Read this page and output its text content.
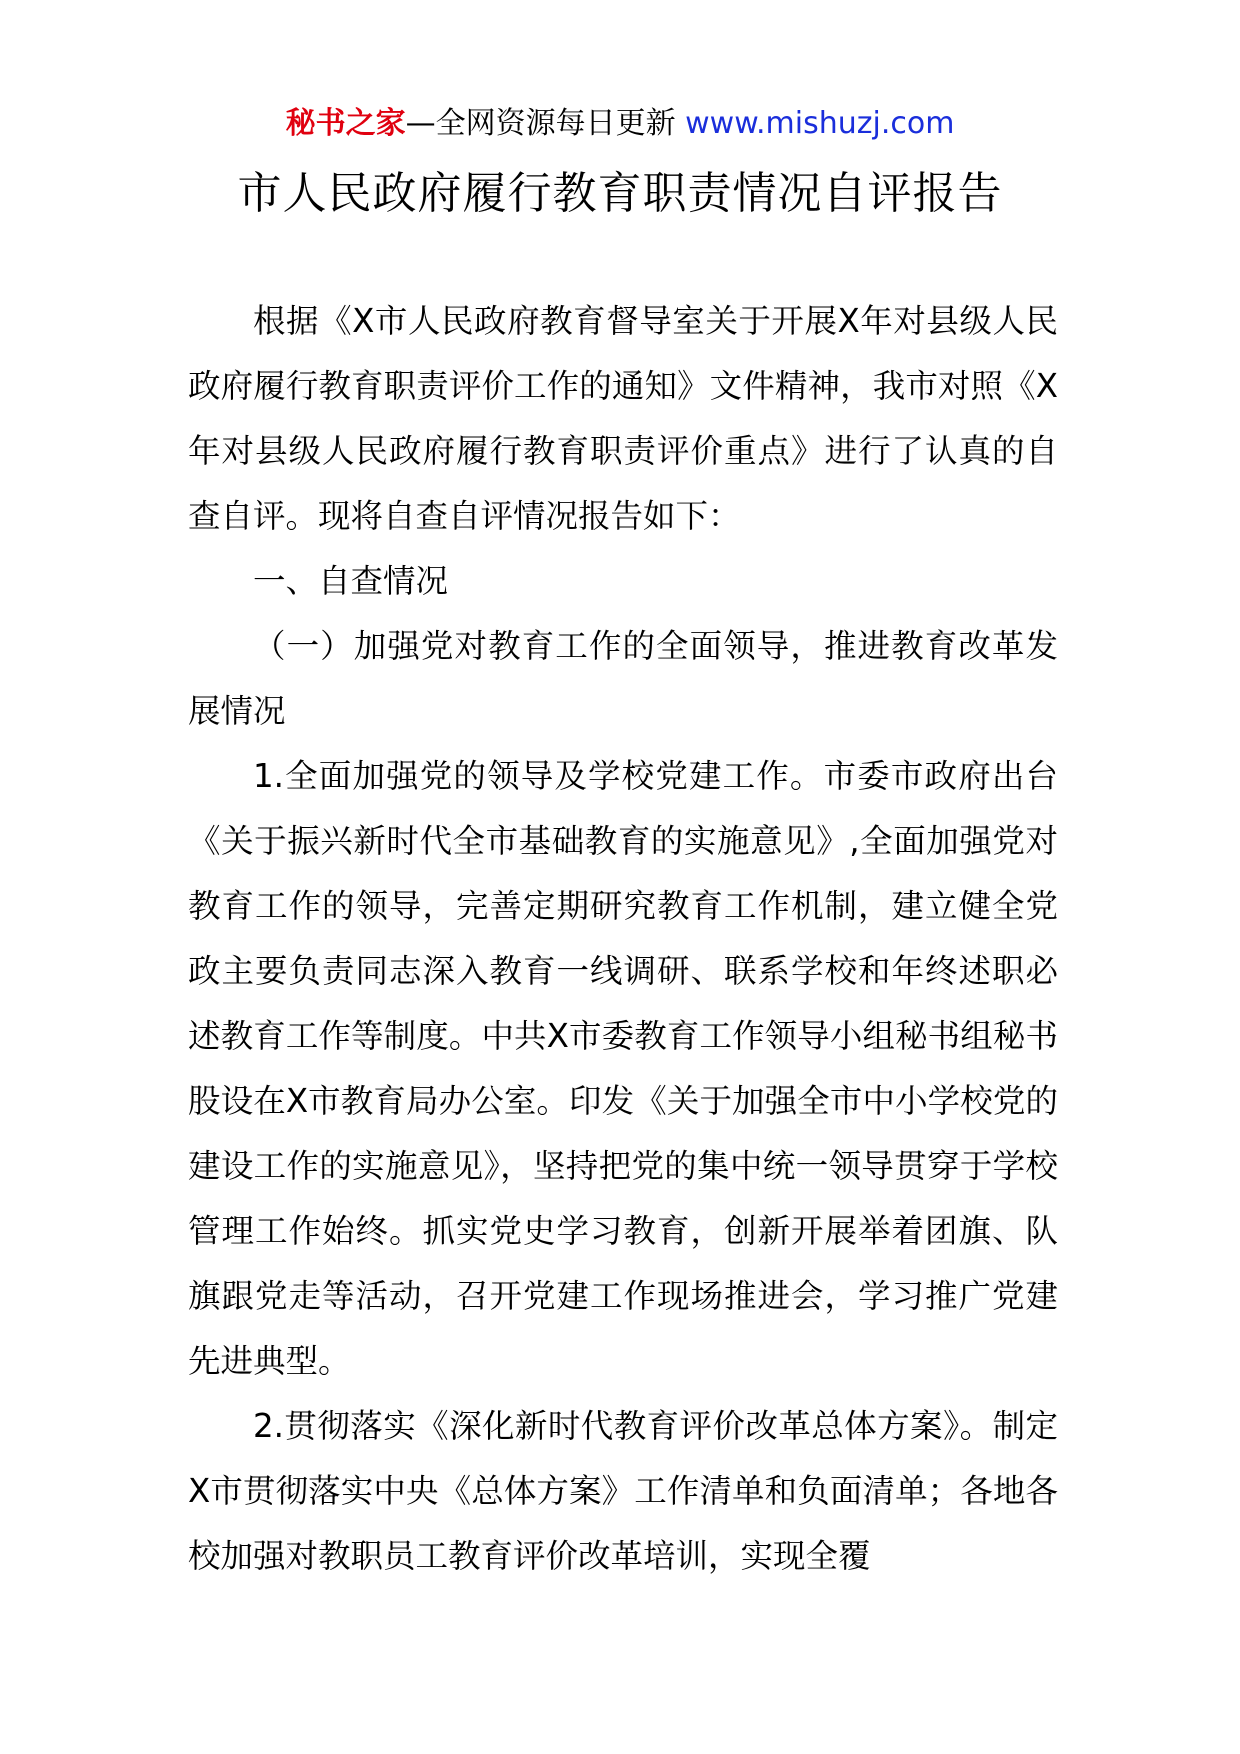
秘书之家—全网资源每日更新 www.mishuzj.com
市人民政府履行教育职责情况自评报告

根据《X市人民政府教育督导室关于开展X年对县级人民政府履行教育职责评价工作的通知》文件精神，我市对照《X年对县级人民政府履行教育职责评价重点》进行了认真的自查自评。现将自查自评情况报告如下：

一、自查情况

（一）加强党对教育工作的全面领导，推进教育改革发展情况

1.全面加强党的领导及学校党建工作。市委市政府出台《关于振兴新时代全市基础教育的实施意见》,全面加强党对教育工作的领导，完善定期研究教育工作机制，建立健全党政主要负责同志深入教育一线调研、联系学校和年终述职必述教育工作等制度。中共X市委教育工作领导小组秘书组秘书股设在X市教育局办公室。印发《关于加强全市中小学校党的建设工作的实施意见》，坚持把党的集中统一领导贯穿于学校管理工作始终。抓实党史学习教育，创新开展举着团旗、队旗跟党走等活动，召开党建工作现场推进会，学习推广党建先进典型。

2.贯彻落实《深化新时代教育评价改革总体方案》。制定X市贯彻落实中央《总体方案》工作清单和负面清单；各地各校加强对教职员工教育评价改革培训，实现全覆
